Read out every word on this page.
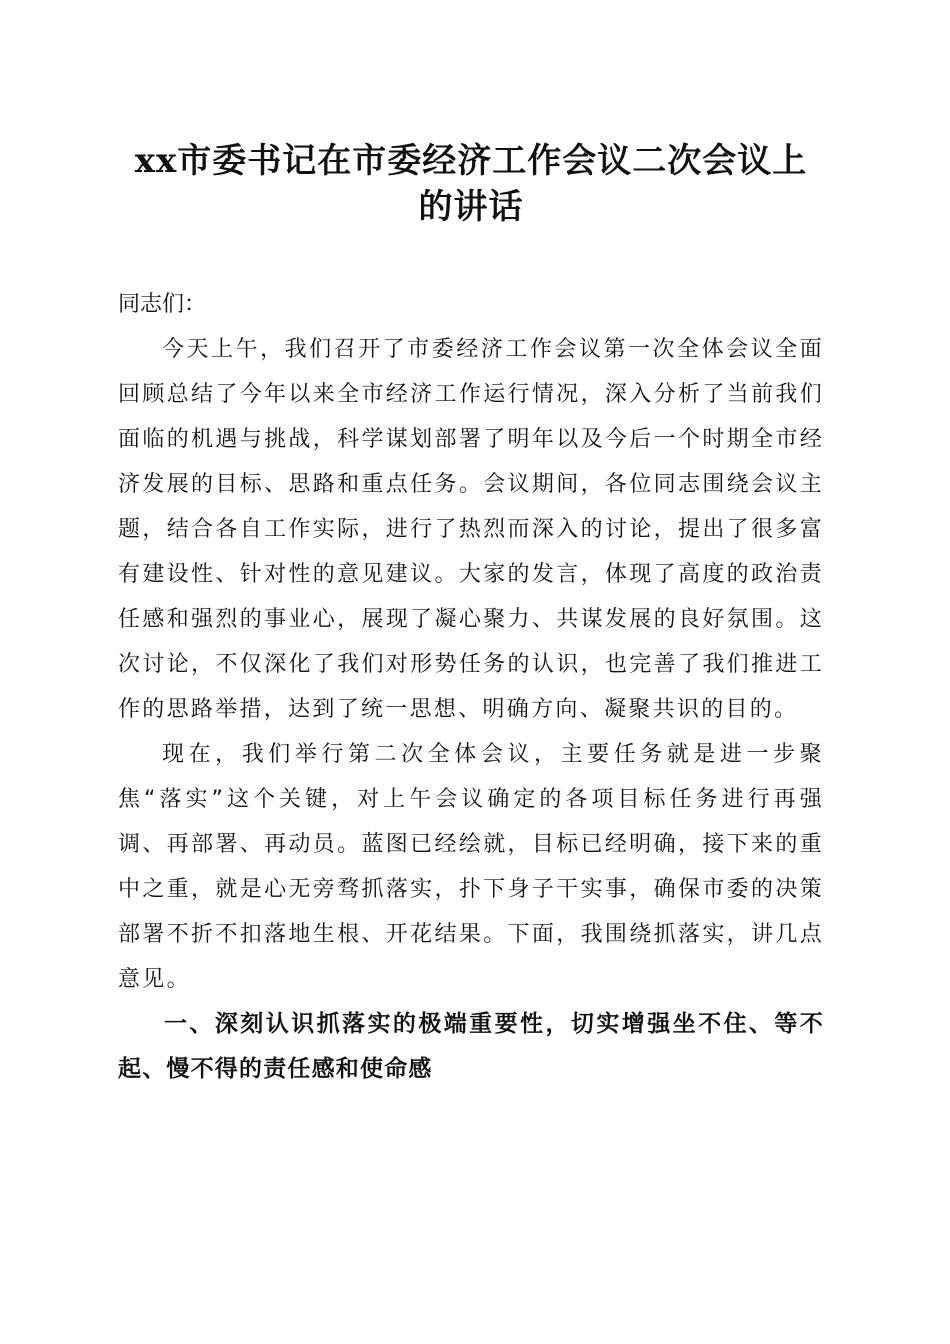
xx市委书记在市委经济工作会议二次会议上的讲话

同志们：

今天上午，我们召开了市委经济工作会议第一次全体会议全面回顾总结了今年以来全市经济工作运行情况，深入分析了当前我们面临的机遇与挑战，科学谋划部署了明年以及今后一个时期全市经济发展的目标、思路和重点任务。会议期间，各位同志围绕会议主题，结合各自工作实际，进行了热烈而深入的讨论，提出了很多富有建设性、针对性的意见建议。大家的发言，体现了高度的政治责任感和强烈的事业心，展现了凝心聚力、共谋发展的良好氛围。这次讨论，不仅深化了我们对形势任务的认识，也完善了我们推进工作的思路举措，达到了统一思想、明确方向、凝聚共识的目的。

现在，我们举行第二次全体会议，主要任务就是进一步聚焦“落实”这个关键，对上午会议确定的各项目标任务进行再强调、再部署、再动员。蓝图已经绘就，目标已经明确，接下来的重中之重，就是心无旁骛抓落实，扑下身子干实事，确保市委的决策部署不折不扣落地生根、开花结果。下面，我围绕抓落实，讲几点意见。

一、深刻认识抓落实的极端重要性，切实增强坐不住、等不起、慢不得的责任感和使命感
